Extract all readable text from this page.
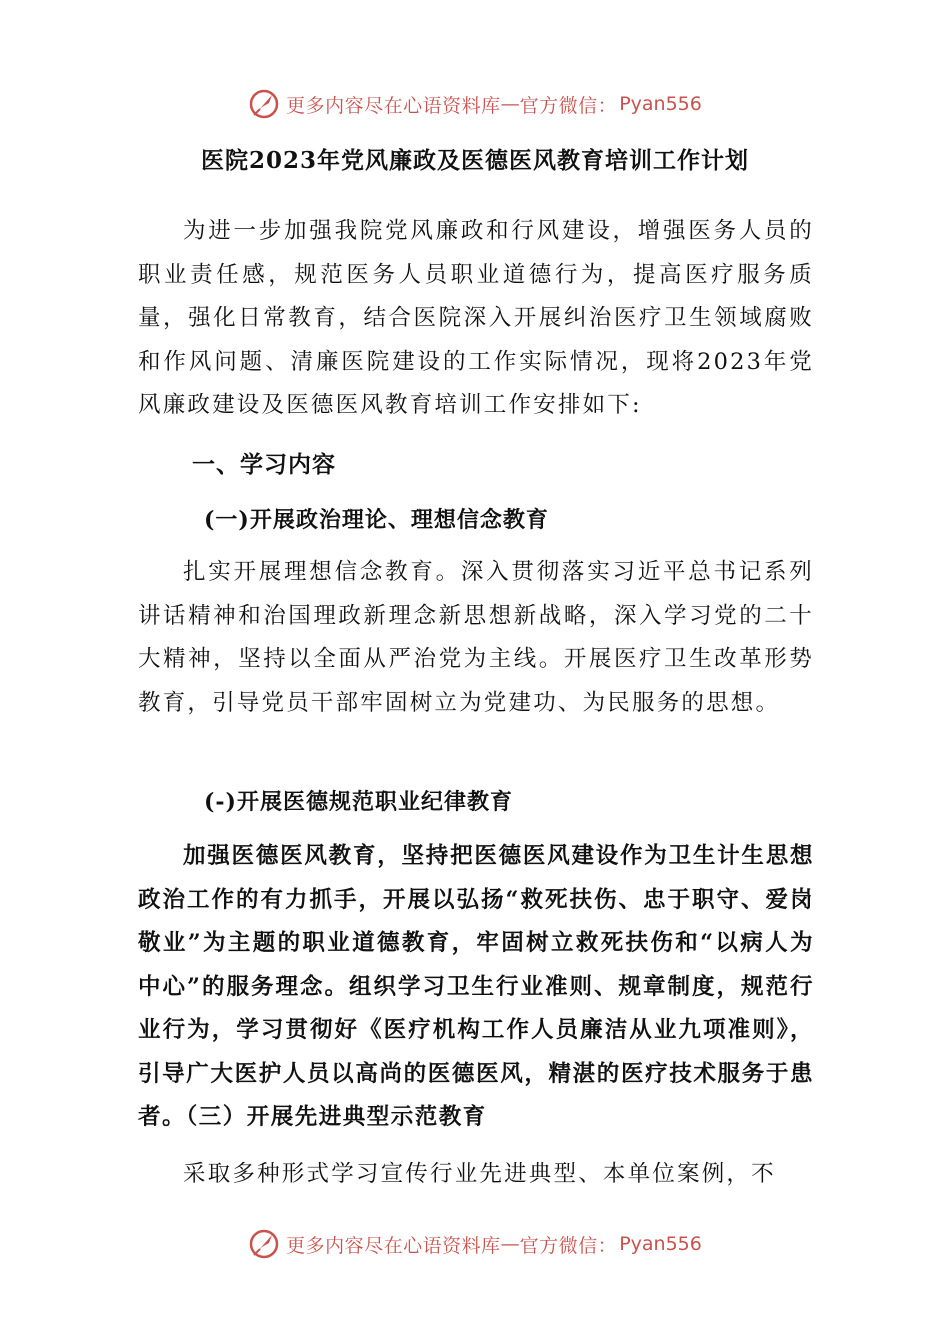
更多内容尽在心语资料库 — 官方微信： Pyan556
医院2023年党风廉政及医德医风教育培训工作计划

为进一步加强我院党风廉政和行风建设，增强医务人员的职业责任感，规范医务人员职业道德行为，提高医疗服务质量，强化日常教育，结合医院深入开展纠治医疗卫生领域腐败和作风问题、清廉医院建设的工作实际情况，现将2023年党风廉政建设及医德医风教育培训工作安排如下:

一、学习内容

(一)开展政治理论、理想信念教育

扎实开展理想信念教育。深入贯彻落实习近平总书记系列讲话精神和治国理政新理念新思想新战略，深入学习党的二十大精神，坚持以全面从严治党为主线。开展医疗卫生改革形势教育，引导党员干部牢固树立为党建功、为民服务的思想。

(-)开展医德规范职业纪律教育

加强医德医风教育，坚持把医德医风建设作为卫生计生思想政治工作的有力抓手，开展以弘扬“救死扶伤、忠于职守、爱岗敬业”为主题的职业道德教育，牢固树立救死扶伤和“以病人为中心”的服务理念。组织学习卫生行业准则、规章制度，规范行业行为，学习贯彻好《医疗机构工作人员廉洁从业九项准则》，引导广大医护人员以高尚的医德医风，精湛的医疗技术服务于患者。（三）开展先进典型示范教育

采取多种形式学习宣传行业先进典型、本单位案例，不

更多内容尽在心语资料库 — 官方微信： Pyan556
